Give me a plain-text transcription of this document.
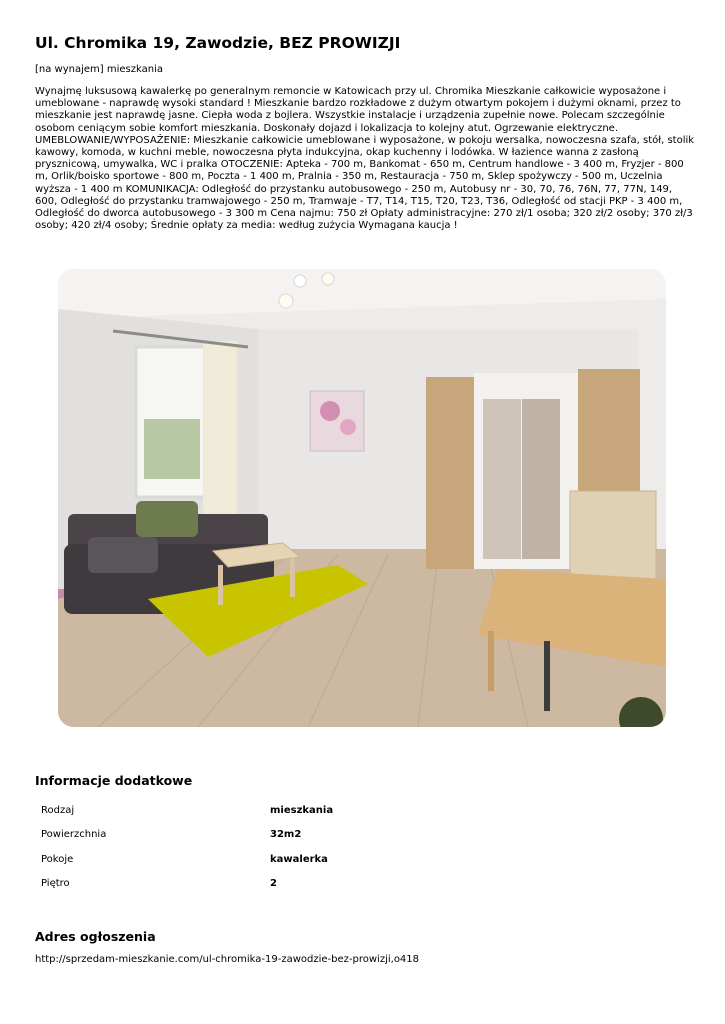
Ul. Chromika 19, Zawodzie, BEZ PROWIZJI
[na wynajem] mieszkania

Wynajmę luksusową kawalerkę po generalnym remoncie w Katowicach przy ul. Chromika Mieszkanie całkowicie wyposażone i umeblowane - naprawdę wysoki standard ! Mieszkanie bardzo rozkładowe z dużym otwartym pokojem i dużymi oknami, przez to mieszkanie jest naprawdę jasne. Ciepła woda z bojlera. Wszystkie instalacje i urządzenia zupełnie nowe. Polecam szczególnie osobom ceniącym sobie komfort mieszkania. Doskonały dojazd i lokalizacja to kolejny atut. Ogrzewanie elektryczne. UMEBLOWANIE/WYPOSAŻENIE: Mieszkanie całkowicie umeblowane i wyposażone, w pokoju wersalka, nowoczesna szafa, stół, stolik kawowy, komoda, w kuchni meble, nowoczesna płyta indukcyjna, okap kuchenny i lodówka. W łazience wanna z zasłoną prysznicową, umywalka, WC i pralka OTOCZENIE: Apteka - 700 m, Bankomat - 650 m, Centrum handlowe - 3 400 m, Fryzjer - 800 m, Orlik/boisko sportowe - 800 m, Poczta - 1 400 m, Pralnia - 350 m, Restauracja - 750 m, Sklep spożywczy - 500 m, Uczelnia wyższa - 1 400 m KOMUNIKACJA: Odległość do przystanku autobusowego - 250 m, Autobusy nr - 30, 70, 76, 76N, 77, 77N, 149, 600, Odległość do przystanku tramwajowego - 250 m, Tramwaje - T7, T14, T15, T20, T23, T36, Odległość od stacji PKP - 3 400 m, Odległość do dworca autobusowego - 3 300 m Cena najmu: 750 zł Opłaty administracyjne: 270 zł/1 osoba; 320 zł/2 osoby; 370 zł/3 osoby; 420 zł/4 osoby; Średnie opłaty za media: według zużycia Wymagana kaucja !

Informacje dodatkowe
Rodzaj	mieszkania
Powierzchnia	32m2
Pokoje	kawalerka
Piętro	2
Adres ogłoszenia
http://sprzedam-mieszkanie.com/ul-chromika-19-zawodzie-bez-prowizji,o418
